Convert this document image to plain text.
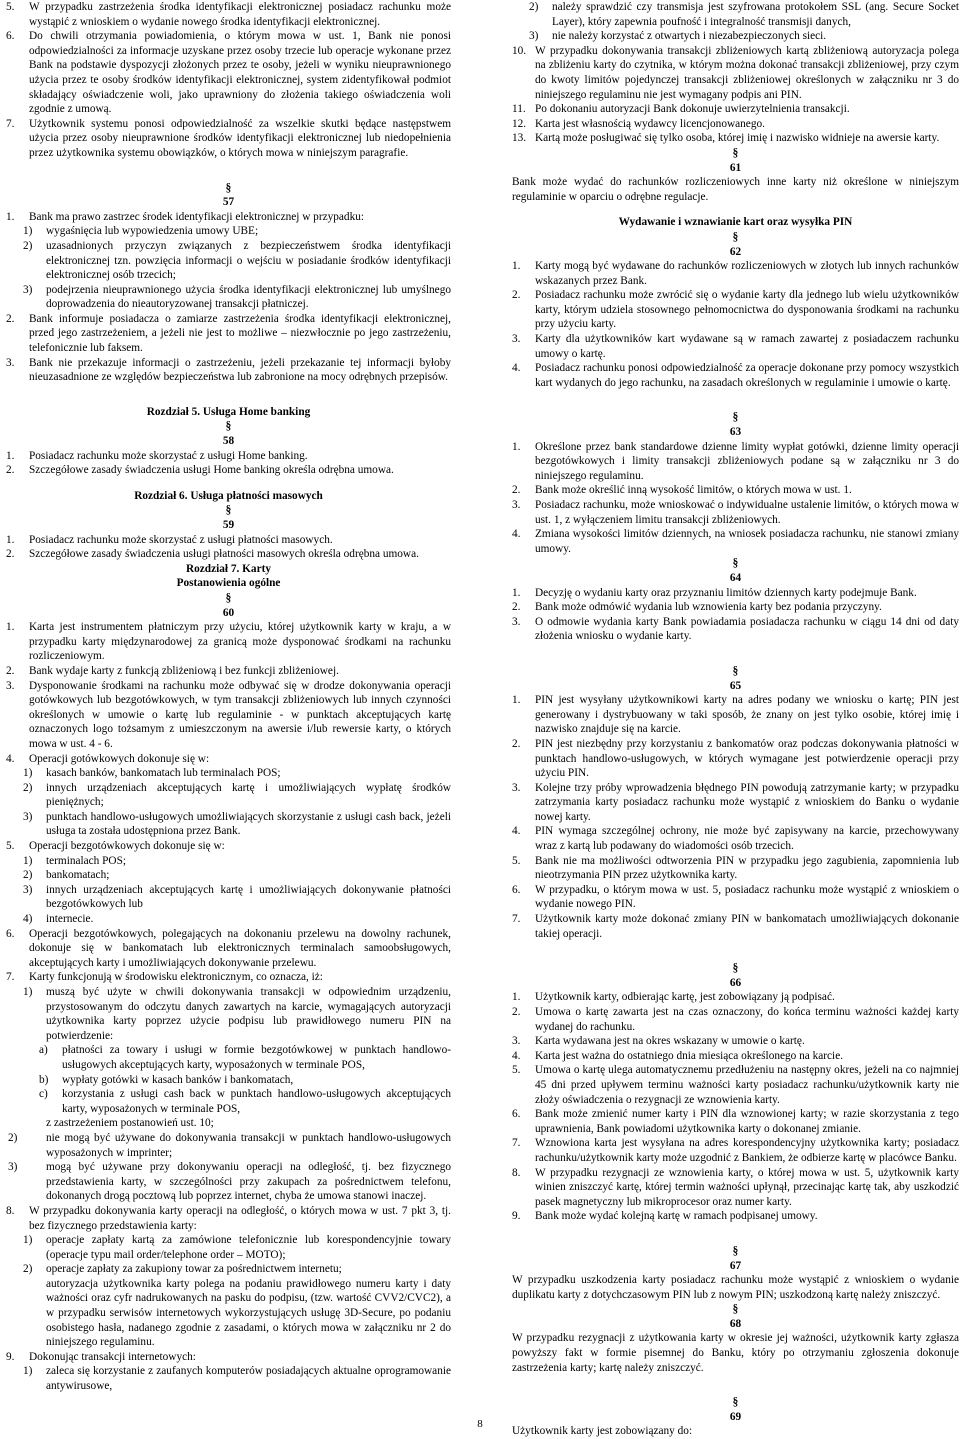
5. W przypadku zastrzeżenia środka identyfikacji elektronicznej posiadacz rachunku może wystąpić z wnioskiem o wydanie nowego środka identyfikacji elektronicznej.
6. Do chwili otrzymania powiadomienia, o którym mowa w ust. 1, Bank nie ponosi odpowiedzialności za informacje uzyskane przez osoby trzecie lub operacje wykonane przez Bank na podstawie dyspozycji złożonych przez te osoby, jeżeli w wyniku nieuprawnionego użycia przez te osoby środków identyfikacji elektronicznej, system zidentyfikował podmiot składający oświadczenie woli, jako uprawniony do złożenia takiego oświadczenia woli zgodnie z umową.
7. Użytkownik systemu ponosi odpowiedzialność za wszelkie skutki będące następstwem użycia przez osoby nieuprawnione środków identyfikacji elektronicznej lub niedopełnienia przez użytkownika systemu obowiązków, o których mowa w niniejszym paragrafie.
§
57
1. Bank ma prawo zastrzec środek identyfikacji elektronicznej w przypadku:
1) wygaśnięcia lub wypowiedzenia umowy UBE;
2) uzasadnionych przyczyn związanych z bezpieczeństwem środka identyfikacji elektronicznej tzn. powzięcia informacji o wejściu w posiadanie środków identyfikacji elektronicznej osób trzecich;
3) podejrzenia nieuprawnionego użycia środka identyfikacji elektronicznej lub umyślnego doprowadzenia do nieautoryzowanej transakcji płatniczej.
2. Bank informuje posiadacza o zamiarze zastrzeżenia środka identyfikacji elektronicznej, przed jego zastrzeżeniem, a jeżeli nie jest to możliwe – niezwłocznie po jego zastrzeżeniu, telefonicznie lub faksem.
3. Bank nie przekazuje informacji o zastrzeżeniu, jeżeli przekazanie tej informacji byłoby nieuzasadnione ze względów bezpieczeństwa lub zabronione na mocy odrębnych przepisów.
Rozdział 5. Usługa Home banking
§
58
1. Posiadacz rachunku może skorzystać z usługi Home banking.
2. Szczegółowe zasady świadczenia usługi Home banking określa odrębna umowa.
Rozdział 6. Usługa płatności masowych
§
59
1. Posiadacz rachunku może skorzystać z usługi płatności masowych.
2. Szczegółowe zasady świadczenia usługi płatności masowych określa odrębna umowa.
Rozdział 7. Karty
Postanowienia ogólne
§
60
1. Karta jest instrumentem płatniczym przy użyciu, której użytkownik karty w kraju, a w przypadku karty międzynarodowej za granicą może dysponować środkami na rachunku rozliczeniowym.
2. Bank wydaje karty z funkcją zbliżeniową i bez funkcji zbliżeniowej.
3. Dysponowanie środkami na rachunku może odbywać się w drodze dokonywania operacji gotówkowych lub bezgotówkowych, w tym transakcji zbliżeniowych lub innych czynności określonych w umowie o kartę lub regulaminie - w punktach akceptujących kartę oznaczonych logo tożsamym z umieszczonym na awersie i/lub rewersie karty, o których mowa w ust. 4 - 6.
4. Operacji gotówkowych dokonuje się w:
1) kasach banków, bankomatach lub terminalach POS;
2) innych urządzeniach akceptujących kartę i umożliwiających wypłatę środków pieniężnych;
3) punktach handlowo-usługowych umożliwiających skorzystanie z usługi cash back, jeżeli usługa ta została udostępniona przez Bank.
5. Operacji bezgotówkowych dokonuje się w:
1) terminalach POS;
2) bankomatach;
3) innych urządzeniach akceptujących kartę i umożliwiających dokonywanie płatności bezgotówkowych lub
4) internecie.
6. Operacji bezgotówkowych, polegających na dokonaniu przelewu na dowolny rachunek, dokonuje się w bankomatach lub elektronicznych terminalach samoobsługowych, akceptujących karty i umożliwiających dokonywanie przelewu.
7. Karty funkcjonują w środowisku elektronicznym, co oznacza, iż:
1) muszą być użyte w chwili dokonywania transakcji w odpowiednim urządzeniu, przystosowanym do odczytu danych zawartych na karcie, wymagających autoryzacji użytkownika karty poprzez użycie podpisu lub prawidłowego numeru PIN na potwierdzenie:
a) płatności za towary i usługi w formie bezgotówkowej w punktach handlowo-usługowych akceptujących karty, wyposażonych w terminale POS,
b) wypłaty gotówki w kasach banków i bankomatach,
c) korzystania z usługi cash back w punktach handlowo-usługowych akceptujących karty, wyposażonych w terminale POS,
z zastrzeżeniem postanowień ust. 10;
2)	nie mogą być używane do dokonywania transakcji w punktach handlowo-usługowych wyposażonych w imprinter;
3)	mogą być używane przy dokonywaniu operacji na odległość, tj. bez fizycznego przedstawienia karty, w szczególności przy zakupach za pośrednictwem telefonu, dokonanych drogą pocztową lub poprzez internet, chyba że umowa stanowi inaczej.
8. W przypadku dokonywania karty operacji na odległość, o których mowa w ust. 7 pkt 3, tj. bez fizycznego przedstawienia karty:
1) operacje zapłaty kartą za zamówione telefonicznie lub korespondencyjnie towary (operacje typu mail order/telephone order – MOTO);
2) operacje zapłaty za zakupiony towar za pośrednictwem internetu;
autoryzacja użytkownika karty polega na podaniu prawidłowego numeru karty i daty ważności oraz cyfr nadrukowanych na pasku do podpisu, (tzw. wartość CVV2/CVC2), a w przypadku serwisów internetowych wykorzystujących usługę 3D-Secure, po podaniu osobistego hasła, nadanego zgodnie z zasadami, o których mowa w załączniku nr 2 do niniejszego regulaminu.
9. Dokonując transakcji internetowych:
1) zaleca się korzystanie z zaufanych komputerów posiadających aktualne oprogramowanie antywirusowe,
2) należy sprawdzić czy transmisja jest szyfrowana protokołem SSL (ang. Secure Socket Layer), który zapewnia poufność i integralność transmisji danych,
3) nie należy korzystać z otwartych i niezabezpieczonych sieci.
10. W przypadku dokonywania transakcji zbliżeniowych kartą zbliżeniową autoryzacja polega na zbliżeniu karty do czytnika, w którym można dokonać transakcji zbliżeniowej, przy czym do kwoty limitów pojedynczej transakcji zbliżeniowej określonych w załączniku nr 3 do niniejszego regulaminu nie jest wymagany podpis ani PIN.
11. Po dokonaniu autoryzacji Bank dokonuje uwierzytelnienia transakcji.
12. Karta jest własnością wydawcy licencjonowanego.
13. Kartą może posługiwać się tylko osoba, której imię i nazwisko widnieje na awersie karty.
§
61
Bank może wydać do rachunków rozliczeniowych inne karty niż określone w niniejszym regulaminie w oparciu o odrębne regulacje.
Wydawanie i wznawianie kart oraz wysyłka PIN
§
62
1. Karty mogą być wydawane do rachunków rozliczeniowych w złotych lub innych rachunków wskazanych przez Bank.
2. Posiadacz rachunku może zwrócić się o wydanie karty dla jednego lub wielu użytkowników karty, którym udziela stosownego pełnomocnictwa do dysponowania środkami na rachunku przy użyciu karty.
3. Karty dla użytkowników kart wydawane są w ramach zawartej z posiadaczem rachunku umowy o kartę.
4. Posiadacz rachunku ponosi odpowiedzialność za operacje dokonane przy pomocy wszystkich kart wydanych do jego rachunku, na zasadach określonych w regulaminie i umowie o kartę.
§
63
1. Określone przez bank standardowe dzienne limity wypłat gotówki, dzienne limity operacji bezgotówkowych i limity transakcji zbliżeniowych podane są w załączniku nr 3 do niniejszego regulaminu.
2. Bank może określić inną wysokość limitów, o których mowa w ust. 1.
3. Posiadacz rachunku, może wnioskować o indywidualne ustalenie limitów, o których mowa w ust. 1, z wyłączeniem limitu transakcji zbliżeniowych.
4. Zmiana wysokości limitów dziennych, na wniosek posiadacza rachunku, nie stanowi zmiany umowy.
§
64
1. Decyzję o wydaniu karty oraz przyznaniu limitów dziennych karty podejmuje Bank.
2. Bank może odmówić wydania lub wznowienia karty bez podania przyczyny.
3. O odmowie wydania karty Bank powiadamia posiadacza rachunku w ciągu 14 dni od daty złożenia wniosku o wydanie karty.
§
65
1. PIN jest wysyłany użytkownikowi karty na adres podany we wniosku o kartę; PIN jest generowany i dystrybuowany w taki sposób, że znany on jest tylko osobie, której imię i nazwisko znajduje się na karcie.
2. PIN jest niezbędny przy korzystaniu z bankomatów oraz podczas dokonywania płatności w punktach handlowo-usługowych, w których wymagane jest potwierdzenie operacji przy użyciu PIN.
3. Kolejne trzy próby wprowadzenia błędnego PIN powodują zatrzymanie karty; w przypadku zatrzymania karty posiadacz rachunku może wystąpić z wnioskiem do Banku o wydanie nowej karty.
4. PIN wymaga szczególnej ochrony, nie może być zapisywany na karcie, przechowywany wraz z kartą lub podawany do wiadomości osób trzecich.
5. Bank nie ma możliwości odtworzenia PIN w przypadku jego zagubienia, zapomnienia lub nieotrzymania PIN przez użytkownika karty.
6. W przypadku, o którym mowa w ust. 5, posiadacz rachunku może wystąpić z wnioskiem o wydanie nowego PIN.
7. Użytkownik karty może dokonać zmiany PIN w bankomatach umożliwiających dokonanie takiej operacji.
§
66
1. Użytkownik karty, odbierając kartę, jest zobowiązany ją podpisać.
2. Umowa o kartę zawarta jest na czas oznaczony, do końca terminu ważności każdej karty wydanej do rachunku.
3. Karta wydawana jest na okres wskazany w umowie o kartę.
4. Karta jest ważna do ostatniego dnia miesiąca określonego na karcie.
5. Umowa o kartę ulega automatycznemu przedłużeniu na następny okres, jeżeli na co najmniej 45 dni przed upływem terminu ważności karty posiadacz rachunku/użytkownik karty nie złoży oświadczenia o rezygnacji ze wznowienia karty.
6. Bank może zmienić numer karty i PIN dla wznowionej karty; w razie skorzystania z tego uprawnienia, Bank powiadomi użytkownika karty o dokonanej zmianie.
7. Wznowiona karta jest wysyłana na adres korespondencyjny użytkownika karty; posiadacz rachunku/użytkownik karty może uzgodnić z Bankiem, że odbierze kartę w placówce Banku.
8. W przypadku rezygnacji ze wznowienia karty, o której mowa w ust. 5, użytkownik karty winien zniszczyć kartę, której termin ważności upłynął, przecinając kartę tak, aby uszkodzić pasek magnetyczny lub mikroprocesor oraz numer karty.
9. Bank może wydać kolejną kartę w ramach podpisanej umowy.
§
67
W przypadku uszkodzenia karty posiadacz rachunku może wystąpić z wnioskiem o wydanie duplikatu karty z dotychczasowym PIN lub z nowym PIN; uszkodzoną kartę należy zniszczyć.
§
68
W przypadku rezygnacji z użytkowania karty w okresie jej ważności, użytkownik karty zgłasza powyższy fakt w formie pisemnej do Banku, który po otrzymaniu zgłoszenia dokonuje zastrzeżenia karty; kartę należy zniszczyć.
§
69
Użytkownik karty jest zobowiązany do:
8
